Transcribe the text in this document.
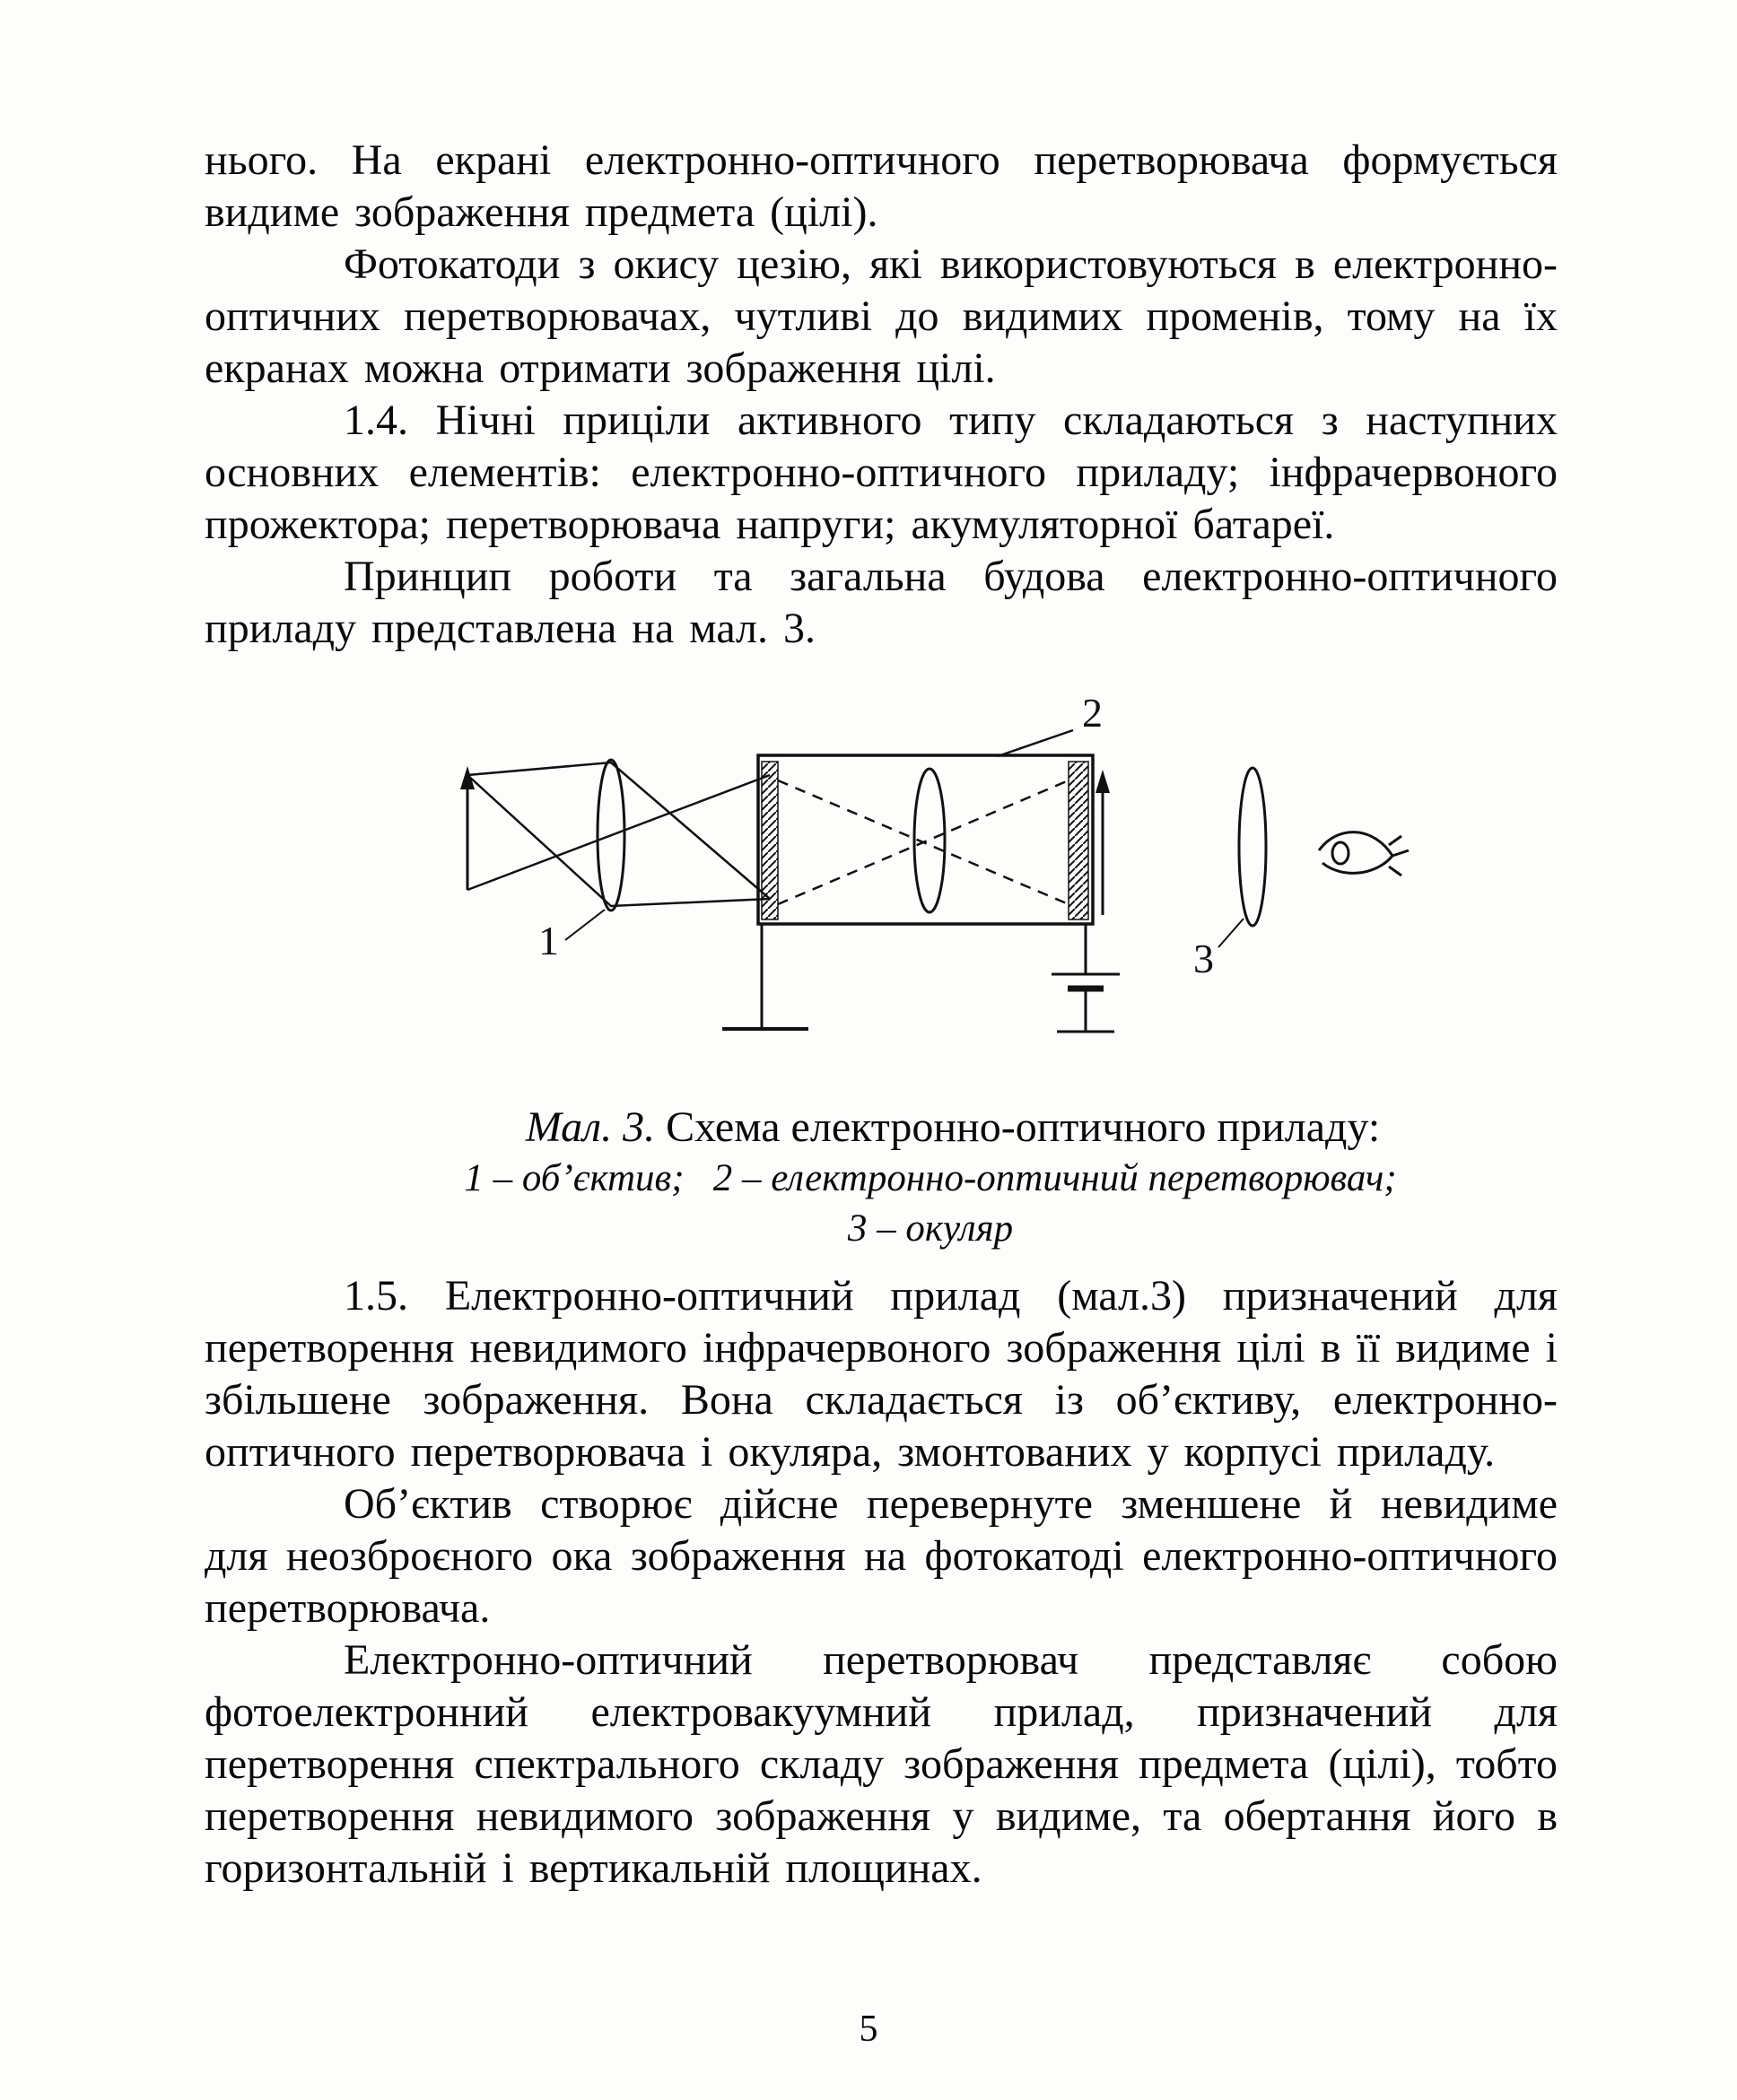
нього. На екрані електронно-оптичного перетворювача формується видиме зображення предмета (цілі).

Фотокатоди з окису цезію, які використовуються в електронно-оптичних перетворювачах, чутливі до видимих променів, тому на їх екранах можна отримати зображення цілі.

1.4. Нічні приціли активного типу складаються з наступних основних елементів: електронно-оптичного приладу; інфрачервоного прожектора; перетворювача напруги; акумуляторної батареї.

Принцип роботи та загальна будова електронно-оптичного приладу представлена на мал. 3.

1
2
3
Мал. 3. Схема електронно-оптичного приладу:
1 – об’єктив;   2 – електронно-оптичний перетворювач;
3 – окуляр

1.5. Електронно-оптичний прилад (мал.3) призначений для перетворення невидимого інфрачервоного зображення цілі в її видиме і збільшене зображення. Вона складається із об’єктиву, електронно-оптичного перетворювача і окуляра, змонтованих у корпусі приладу.

Об’єктив створює дійсне перевернуте зменшене й невидиме для неозброєного ока зображення на фотокатоді електронно-оптичного перетворювача.

Електронно-оптичний перетворювач представляє собою фотоелектронний електровакуумний прилад, призначений для перетворення спектрального складу зображення предмета (цілі), тобто перетворення невидимого зображення у видиме, та обертання його в горизонтальній і вертикальній площинах.

5
